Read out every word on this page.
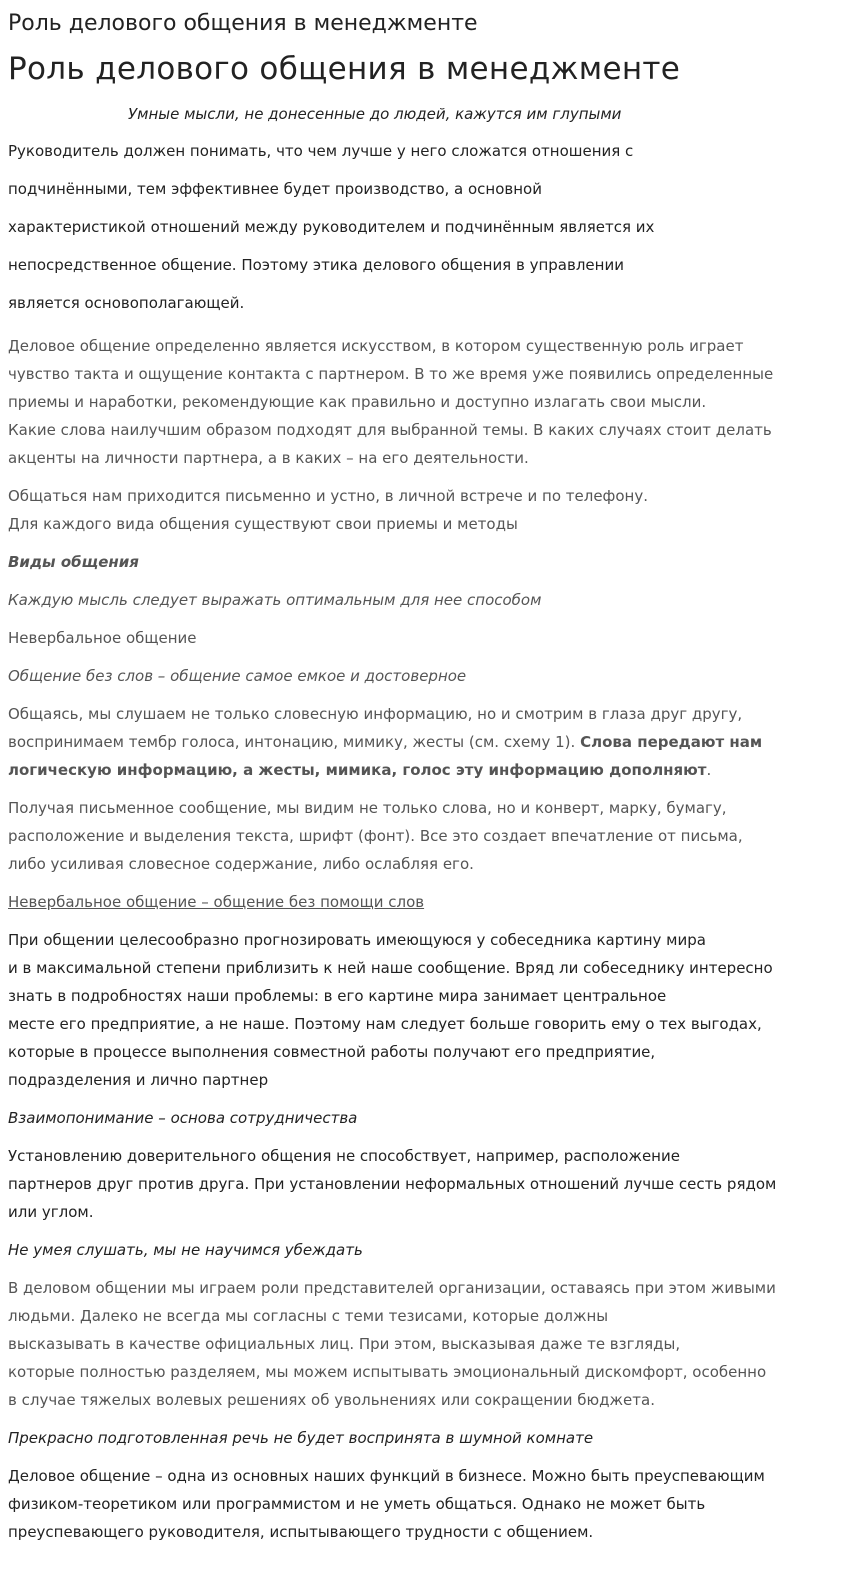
Роль делового общения в менеджменте
Роль делового общения в менеджменте
Умные мысли, не донесенные до людей, кажутся им глупыми
Руководитель должен понимать, что чем лучше у него сложатся отношения с
подчинёнными, тем эффективнее будет производство, а основной
характеристикой отношений между руководителем и подчинённым является их
непосредственное общение. Поэтому этика делового общения в управлении
является основополагающей.
Деловое общение определенно является искусством, в котором существенную роль играет
чувство такта и ощущение контакта с партнером. В то же время уже появились определенные
приемы и наработки, рекомендующие как правильно и доступно излагать свои мысли.
Какие слова наилучшим образом подходят для выбранной темы. В каких случаях стоит делать
акценты на личности партнера, а в каких – на его деятельности.
Общаться нам приходится письменно и устно, в личной встрече и по телефону.
Для каждого вида общения существуют свои приемы и методы
Виды общения
Каждую мысль следует выражать оптимальным для нее способом
Невербальное общение
Общение без слов – общение самое емкое и достоверное
Общаясь, мы слушаем не только словесную информацию, но и смотрим в глаза друг другу,
воспринимаем тембр голоса, интонацию, мимику, жесты (см. схему 1). Слова передают нам
логическую информацию, а жесты, мимика, голос эту информацию дополняют.
Получая письменное сообщение, мы видим не только слова, но и конверт, марку, бумагу,
расположение и выделения текста, шрифт (фонт). Все это создает впечатление от письма,
либо усиливая словесное содержание, либо ослабляя его.
Невербальное общение – общение без помощи слов
При общении целесообразно прогнозировать имеющуюся у собеседника картину мира
и в максимальной степени приблизить к ней наше сообщение. Вряд ли собеседнику интересно
знать в подробностях наши проблемы: в его картине мира занимает центральное
месте его предприятие, а не наше. Поэтому нам следует больше говорить ему о тех выгодах,
которые в процессе выполнения совместной работы получают его предприятие,
подразделения и лично партнер
Взаимопонимание – основа сотрудничества
Установлению доверительного общения не способствует, например, расположение
партнеров друг против друга. При установлении неформальных отношений лучше сесть рядом
или углом.
Не умея слушать, мы не научимся убеждать
В деловом общении мы играем роли представителей организации, оставаясь при этом живыми
людьми. Далеко не всегда мы согласны с теми тезисами, которые должны
высказывать в качестве официальных лиц. При этом, высказывая даже те взгляды,
которые полностью разделяем, мы можем испытывать эмоциональный дискомфорт, особенно
в случае тяжелых волевых решениях об увольнениях или сокращении бюджета.
Прекрасно подготовленная речь не будет воспринята в шумной комнате
Деловое общение – одна из основных наших функций в бизнесе. Можно быть преуспевающим
физиком-теоретиком или программистом и не уметь общаться. Однако не может быть
преуспевающего руководителя, испытывающего трудности с общением.
